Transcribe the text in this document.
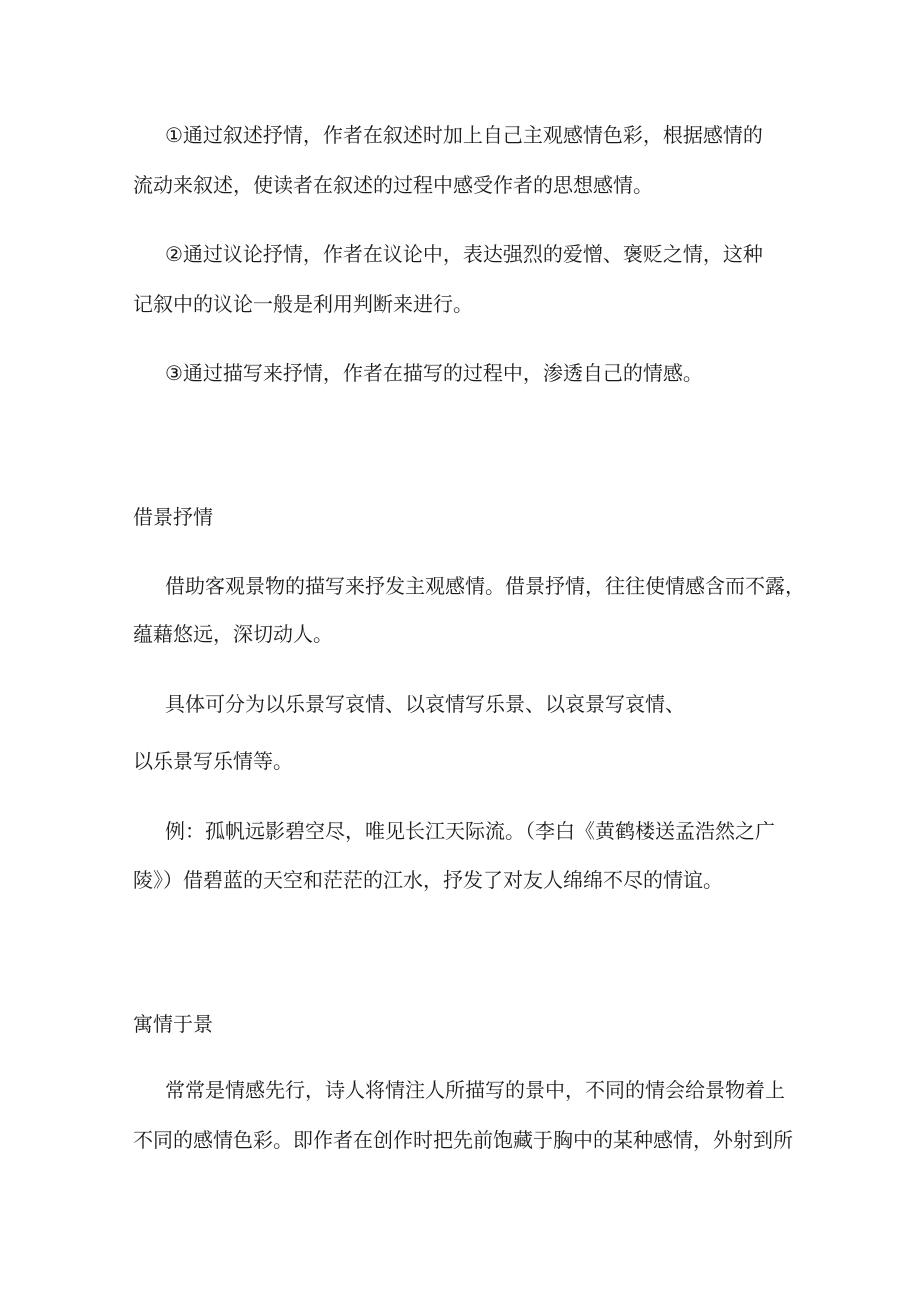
①通过叙述抒情，作者在叙述时加上自己主观感情色彩，根据感情的
流动来叙述，使读者在叙述的过程中感受作者的思想感情。
②通过议论抒情，作者在议论中，表达强烈的爱憎、褒贬之情，这种
记叙中的议论一般是利用判断来进行。
③通过描写来抒情，作者在描写的过程中，渗透自己的情感。
借景抒情
借助客观景物的描写来抒发主观感情。借景抒情，往往使情感含而不露，
蕴藉悠远，深切动人。
具体可分为以乐景写哀情、以哀情写乐景、以哀景写哀情、
以乐景写乐情等。
例：孤帆远影碧空尽，唯见长江天际流。（李白《黄鹤楼送孟浩然之广
陵》）借碧蓝的天空和茫茫的江水，抒发了对友人绵绵不尽的情谊。
寓情于景
常常是情感先行，诗人将情注人所描写的景中，不同的情会给景物着上
不同的感情色彩。即作者在创作时把先前饱藏于胸中的某种感情，外射到所
